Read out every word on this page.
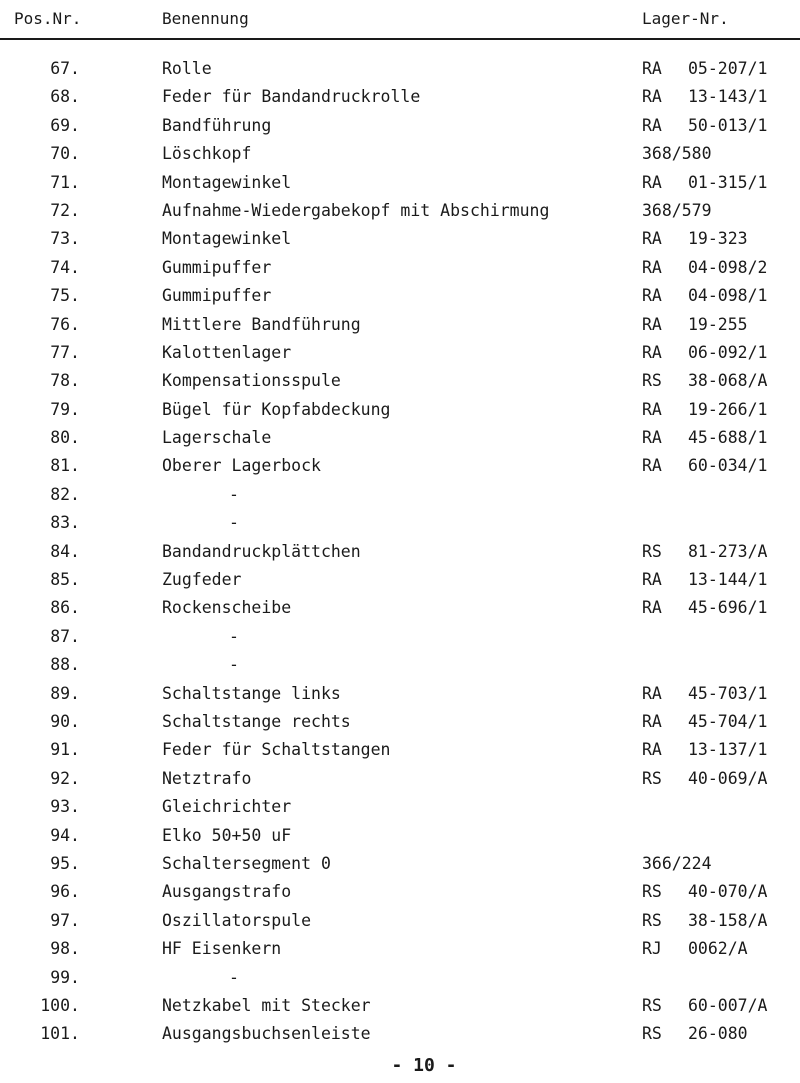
Pos.Nr.	Benennung	Lager-Nr.
67.	Rolle	RA 05-207/1
68.	Feder für Bandandruckrolle	RA 13-143/1
69.	Bandführung	RA 50-013/1
70.	Löschkopf	368/580
71.	Montagewinkel	RA 01-315/1
72.	Aufnahme-Wiedergabekopf mit Abschirmung	368/579
73.	Montagewinkel	RA 19-323
74.	Gummipuffer	RA 04-098/2
75.	Gummipuffer	RA 04-098/1
76.	Mittlere Bandführung	RA 19-255
77.	Kalottenlager	RA 06-092/1
78.	Kompensationsspule	RS 38-068/A
79.	Bügel für Kopfabdeckung	RA 19-266/1
80.	Lagerschale	RA 45-688/1
81.	Oberer Lagerbock	RA 60-034/1
82.	-
83.	-
84.	Bandandruckplättchen	RS 81-273/A
85.	Zugfeder	RA 13-144/1
86.	Rockenscheibe	RA 45-696/1
87.	-
88.	-
89.	Schaltstange links	RA 45-703/1
90.	Schaltstange rechts	RA 45-704/1
91.	Feder für Schaltstangen	RA 13-137/1
92.	Netztrafo	RS 40-069/A
93.	Gleichrichter
94.	Elko 50+50 uF
95.	Schaltersegment 0	366/224
96.	Ausgangstrafo	RS 40-070/A
97.	Oszillatorspule	RS 38-158/A
98.	HF Eisenkern	RJ 0062/A
99.	-
100.	Netzkabel mit Stecker	RS 60-007/A
101.	Ausgangsbuchsenleiste	RS 26-080
- 10 -
